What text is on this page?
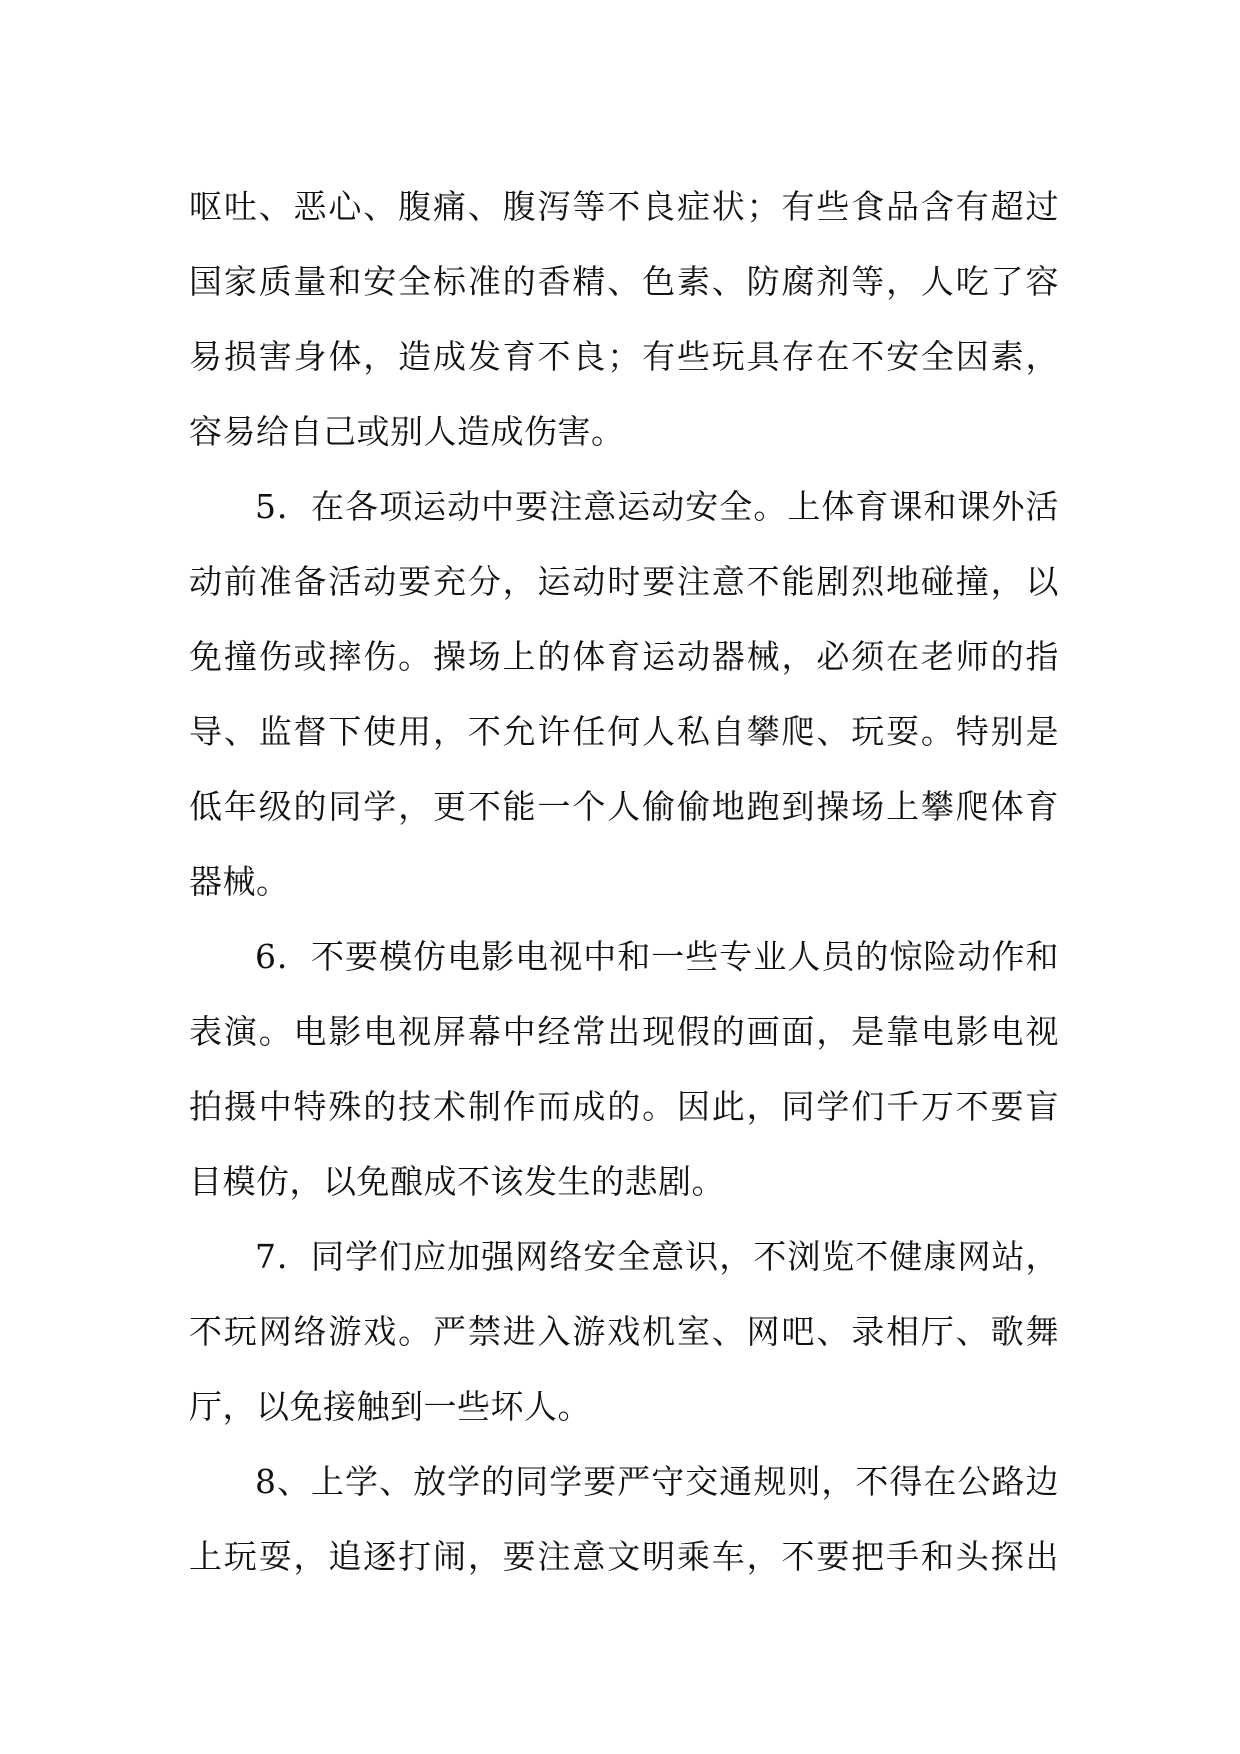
呕吐、恶心、腹痛、腹泻等不良症状；有些食品含有超过
国家质量和安全标准的香精、色素、防腐剂等，人吃了容
易损害身体，造成发育不良；有些玩具存在不安全因素，
容易给自己或别人造成伤害。
5．在各项运动中要注意运动安全。上体育课和课外活
动前准备活动要充分，运动时要注意不能剧烈地碰撞，以
免撞伤或摔伤。操场上的体育运动器械，必须在老师的指
导、监督下使用，不允许任何人私自攀爬、玩耍。特别是
低年级的同学，更不能一个人偷偷地跑到操场上攀爬体育
器械。
6．不要模仿电影电视中和一些专业人员的惊险动作和
表演。电影电视屏幕中经常出现假的画面，是靠电影电视
拍摄中特殊的技术制作而成的。因此，同学们千万不要盲
目模仿，以免酿成不该发生的悲剧。
7．同学们应加强网络安全意识，不浏览不健康网站，
不玩网络游戏。严禁进入游戏机室、网吧、录相厅、歌舞
厅，以免接触到一些坏人。
8、上学、放学的同学要严守交通规则，不得在公路边
上玩耍，追逐打闹，要注意文明乘车，不要把手和头探出
